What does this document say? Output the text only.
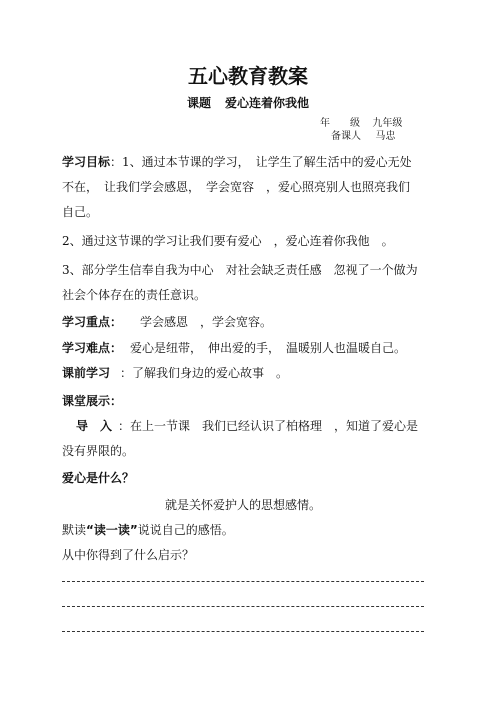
五心教育教案
课题 爱心连着你我他
年　　级 九年级
备课人 马忠
学习目标：1、通过本节课的学习，　让学生了解生活中的爱心无处
不在，　让我们学会感恩，　学会宽容　，爱心照亮别人也照亮我们
自己。
2、通过这节课的学习让我们要有爱心　，爱心连着你我他　。
3、部分学生信奉自我为中心　对社会缺乏责任感　忽视了一个做为
社会个体存在的责任意识。
学习重点： 学会感恩　，学会宽容。
学习难点： 爱心是纽带，　伸出爱的手，　温暖别人也温暖自己。
课前学习 ：了解我们身边的爱心故事　。
课堂展示：
导　入 ：在上一节课　我们已经认识了柏格理　，知道了爱心是
没有界限的。
爱心是什么？
就是关怀爱护人的思想感情。
默读“读一读”说说自己的感悟。
从中你得到了什么启示？
